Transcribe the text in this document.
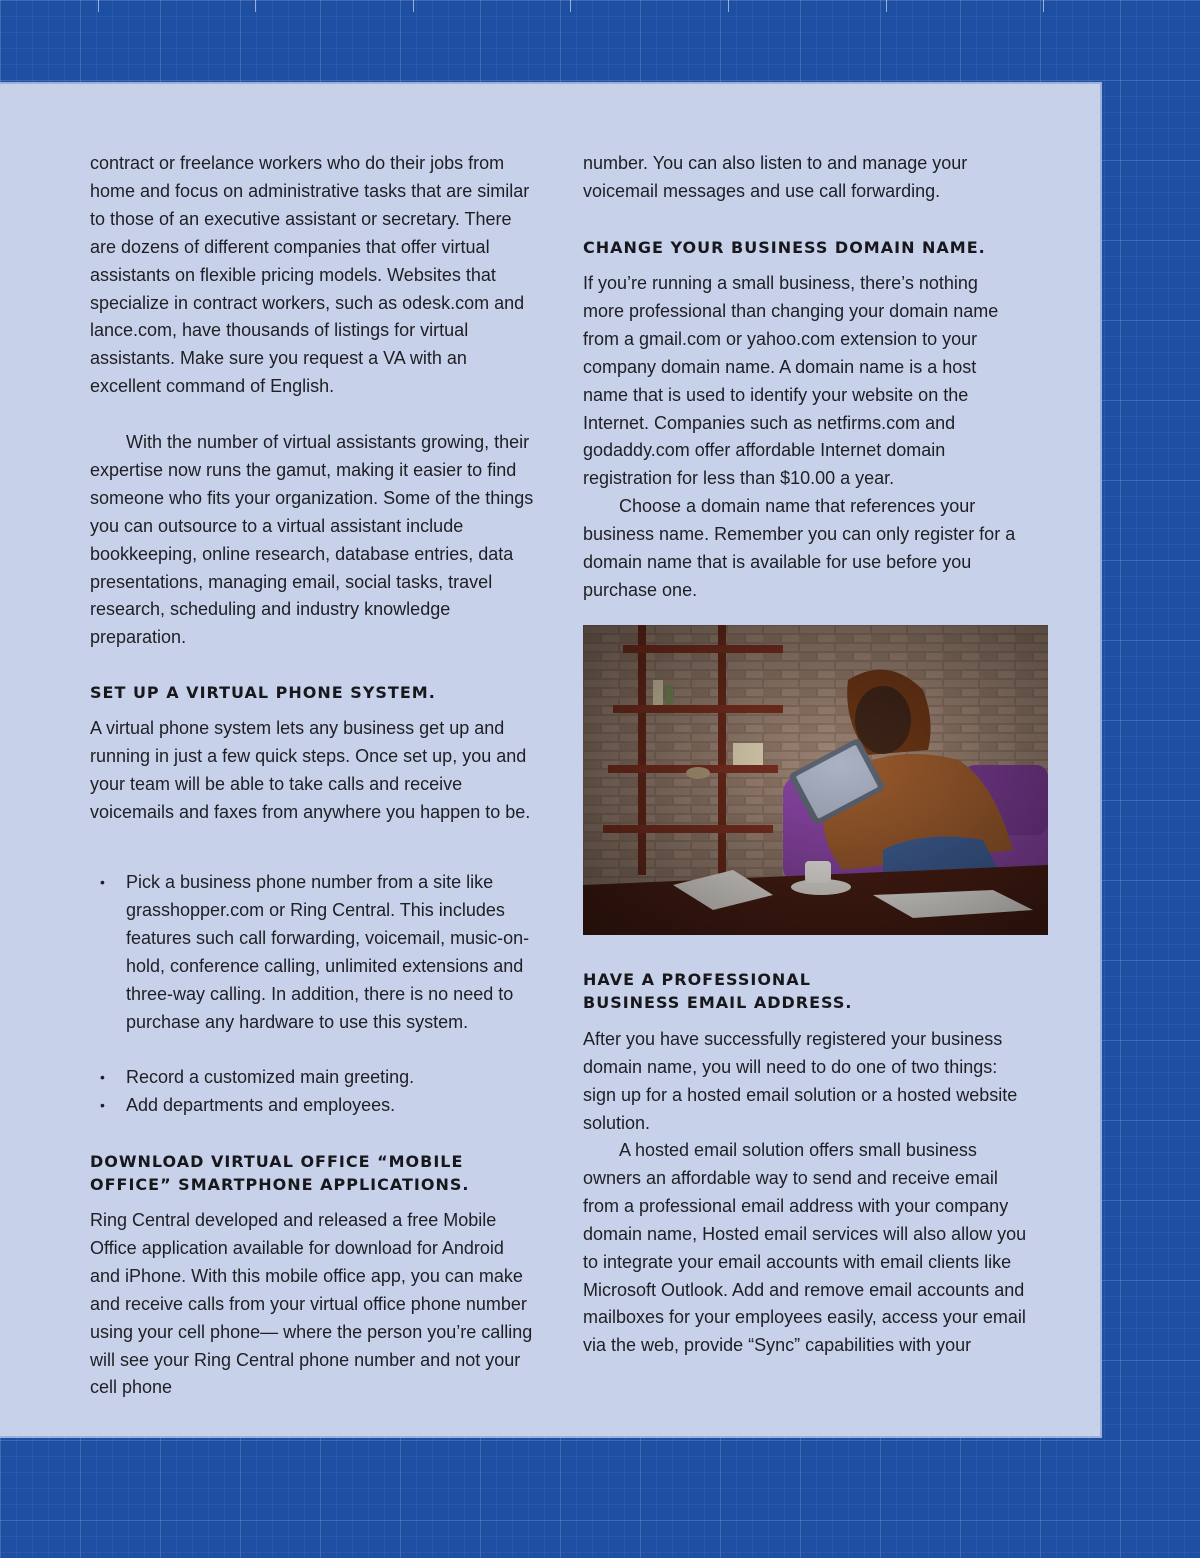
contract or freelance workers who do their jobs from home and focus on administrative tasks that are similar to those of an executive assistant or secretary. There are dozens of different companies that offer virtual assistants on flexible pricing models. Websites that specialize in contract workers, such as odesk.com and lance.com, have thousands of listings for virtual assistants. Make sure you request a VA with an excellent command of English.

With the number of virtual assistants growing, their expertise now runs the gamut, making it easier to find someone who fits your organization. Some of the things you can outsource to a virtual assistant include bookkeeping, online research, database entries, data presentations, managing email, social tasks, travel research, scheduling and industry knowledge preparation.

SET UP A VIRTUAL PHONE SYSTEM.

A virtual phone system lets any business get up and running in just a few quick steps. Once set up, you and your team will be able to take calls and receive voicemails and faxes from anywhere you happen to be.

• Pick a business phone number from a site like grasshopper.com or Ring Central. This includes features such call forwarding, voicemail, music-on-hold, conference calling, unlimited extensions and three-way calling. In addition, there is no need to purchase any hardware to use this system.
• Record a customized main greeting.
• Add departments and employees.
DOWNLOAD VIRTUAL OFFICE “MOBILE OFFICE” SMARTPHONE APPLICATIONS.

Ring Central developed and released a free Mobile Office application available for download for Android and iPhone. With this mobile office app, you can make and receive calls from your virtual office phone number using your cell phone— where the person you’re calling will see your Ring Central phone number and not your cell phone

number. You can also listen to and manage your voicemail messages and use call forwarding.

CHANGE YOUR BUSINESS DOMAIN NAME.

If you’re running a small business, there’s nothing more professional than changing your domain name from a gmail.com or yahoo.com extension to your company domain name. A domain name is a host name that is used to identify your website on the Internet. Companies such as netfirms.com and godaddy.com offer affordable Internet domain registration for less than $10.00 a year.

Choose a domain name that references your business name. Remember you can only register for a domain name that is available for use before you purchase one.

HAVE A PROFESSIONAL BUSINESS EMAIL ADDRESS.

After you have successfully registered your business domain name, you will need to do one of two things: sign up for a hosted email solution or a hosted website solution.

A hosted email solution offers small business owners an affordable way to send and receive email from a professional email address with your company domain name, Hosted email services will also allow you to integrate your email accounts with email clients like Microsoft Outlook. Add and remove email accounts and mailboxes for your employees easily, access your email via the web, provide “Sync” capabilities with your
